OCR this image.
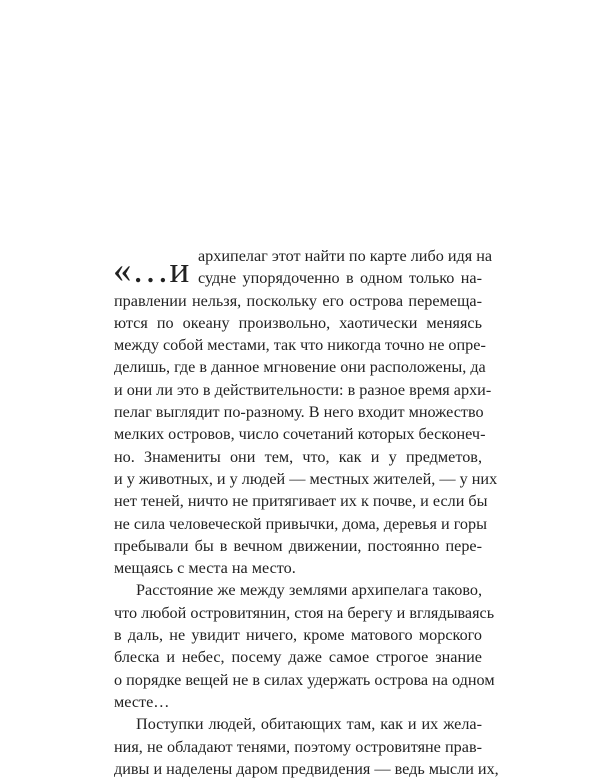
«…и архипелаг этот найти по карте либо идя на
судне упорядоченно в одном только на-
правлении нельзя, поскольку его острова перемеща-
ются по океану произвольно, хаотически меняясь
между собой местами, так что никогда точно не опре-
делишь, где в данное мгновение они расположены, да
и они ли это в действительности: в разное время архи-
пелаг выглядит по-разному. В него входит множество
мелких островов, число сочетаний которых бесконеч-
но. Знамениты они тем, что, как и у предметов,
и у животных, и у людей — местных жителей, — у них
нет теней, ничто не притягивает их к почве, и если бы
не сила человеческой привычки, дома, деревья и горы
пребывали бы в вечном движении, постоянно пере-
мещаясь с места на место.
Расстояние же между землями архипелага таково,
что любой островитянин, стоя на берегу и вглядываясь
в даль, не увидит ничего, кроме матового морского
блеска и небес, посему даже самое строгое знание
о порядке вещей не в силах удержать острова на одном
месте…
Поступки людей, обитающих там, как и их жела-
ния, не обладают тенями, поэтому островитяне прав-
дивы и наделены даром предвидения — ведь мысли их,
